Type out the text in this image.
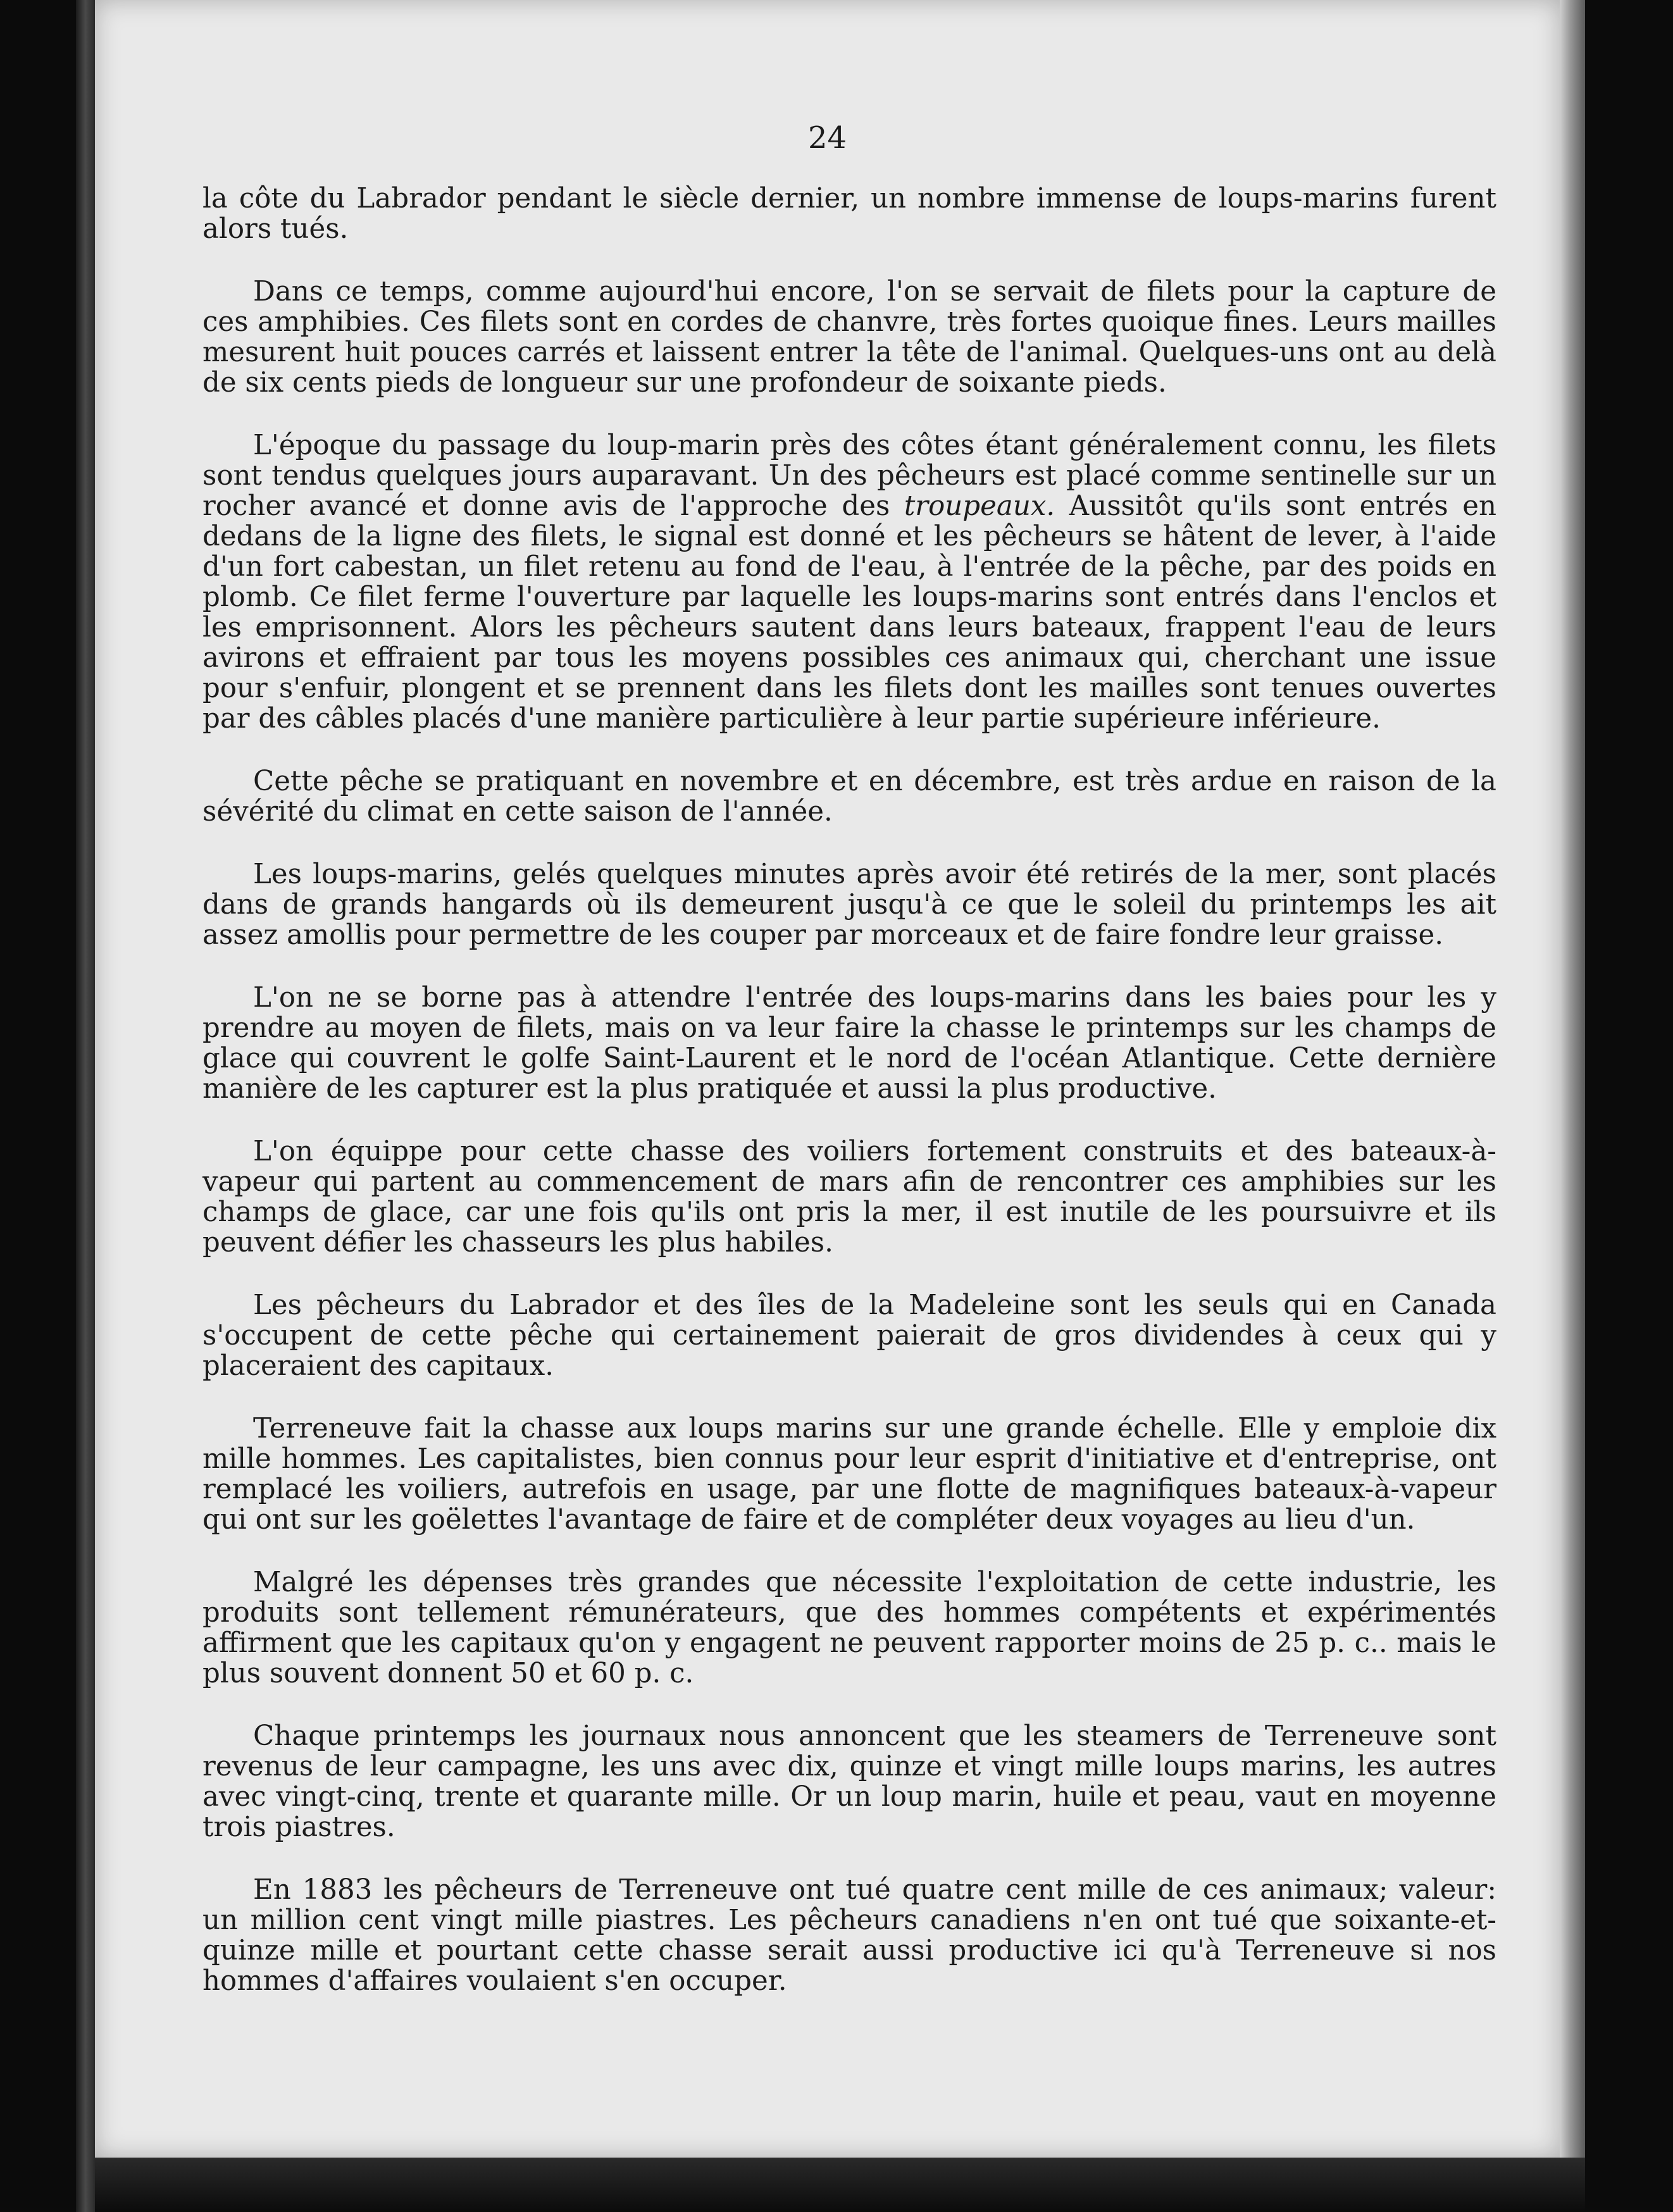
24

la côte du Labrador pendant le siècle dernier, un nombre immense de loups-marins furent alors tués.

Dans ce temps, comme aujourd'hui encore, l'on se servait de filets pour la capture de ces amphibies. Ces filets sont en cordes de chanvre, très fortes quoique fines. Leurs mailles mesurent huit pouces carrés et laissent entrer la tête de l'animal. Quelques-uns ont au delà de six cents pieds de longueur sur une profondeur de soixante pieds.

L'époque du passage du loup-marin près des côtes étant généralement connu, les filets sont tendus quelques jours auparavant. Un des pêcheurs est placé comme sentinelle sur un rocher avancé et donne avis de l'approche des troupeaux. Aussitôt qu'ils sont entrés en dedans de la ligne des filets, le signal est donné et les pêcheurs se hâtent de lever, à l'aide d'un fort cabestan, un filet retenu au fond de l'eau, à l'entrée de la pêche, par des poids en plomb. Ce filet ferme l'ouverture par laquelle les loups-marins sont entrés dans l'enclos et les emprisonnent. Alors les pêcheurs sautent dans leurs bateaux, frappent l'eau de leurs avirons et effraient par tous les moyens possibles ces animaux qui, cherchant une issue pour s'enfuir, plongent et se prennent dans les filets dont les mailles sont tenues ouvertes par des câbles placés d'une manière particulière à leur partie supérieure inférieure.

Cette pêche se pratiquant en novembre et en décembre, est très ardue en raison de la sévérité du climat en cette saison de l'année.

Les loups-marins, gelés quelques minutes après avoir été retirés de la mer, sont placés dans de grands hangards où ils demeurent jusqu'à ce que le soleil du printemps les ait assez amollis pour permettre de les couper par morceaux et de faire fondre leur graisse.

L'on ne se borne pas à attendre l'entrée des loups-marins dans les baies pour les y prendre au moyen de filets, mais on va leur faire la chasse le printemps sur les champs de glace qui couvrent le golfe Saint-Laurent et le nord de l'océan Atlantique. Cette dernière manière de les capturer est la plus pratiquée et aussi la plus productive.

L'on équippe pour cette chasse des voiliers fortement construits et des bateaux-à-vapeur qui partent au commencement de mars afin de rencontrer ces amphibies sur les champs de glace, car une fois qu'ils ont pris la mer, il est inutile de les poursuivre et ils peuvent défier les chasseurs les plus habiles.

Les pêcheurs du Labrador et des îles de la Madeleine sont les seuls qui en Canada s'occupent de cette pêche qui certainement paierait de gros dividendes à ceux qui y placeraient des capitaux.

Terreneuve fait la chasse aux loups marins sur une grande échelle. Elle y emploie dix mille hommes. Les capitalistes, bien connus pour leur esprit d'initiative et d'entreprise, ont remplacé les voiliers, autrefois en usage, par une flotte de magnifiques bateaux-à-vapeur qui ont sur les goëlettes l'avantage de faire et de compléter deux voyages au lieu d'un.

Malgré les dépenses très grandes que nécessite l'exploitation de cette industrie, les produits sont tellement rémunérateurs, que des hommes compétents et expérimentés affirment que les capitaux qu'on y engagent ne peuvent rapporter moins de 25 p. c.. mais le plus souvent donnent 50 et 60 p. c.

Chaque printemps les journaux nous annoncent que les steamers de Terreneuve sont revenus de leur campagne, les uns avec dix, quinze et vingt mille loups marins, les autres avec vingt-cinq, trente et quarante mille. Or un loup marin, huile et peau, vaut en moyenne trois piastres.

En 1883 les pêcheurs de Terreneuve ont tué quatre cent mille de ces animaux; valeur: un million cent vingt mille piastres. Les pêcheurs canadiens n'en ont tué que soixante-et-quinze mille et pourtant cette chasse serait aussi productive ici qu'à Terreneuve si nos hommes d'affaires voulaient s'en occuper.
